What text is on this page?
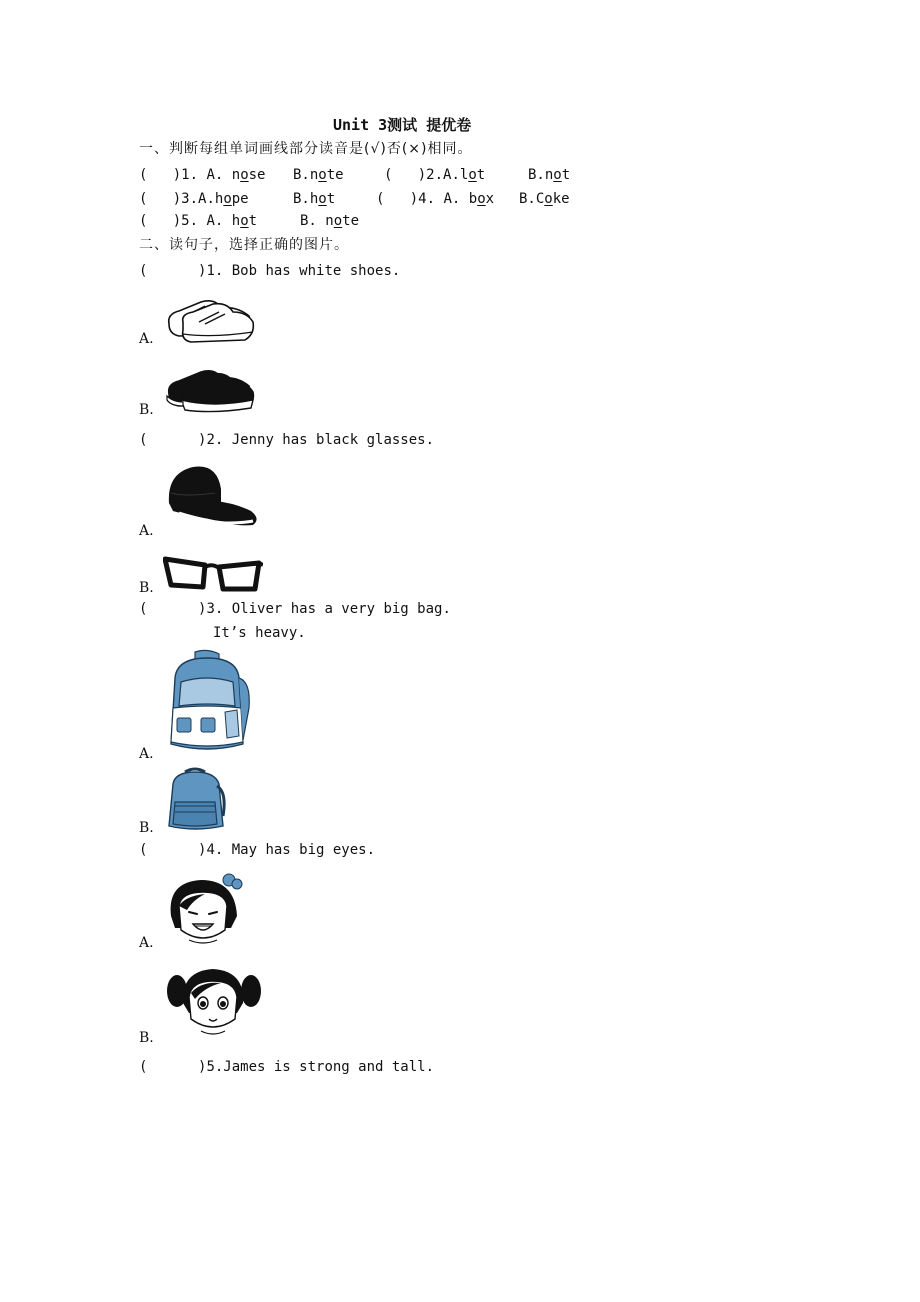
Unit 3测试 提优卷
一、判断每组单词画线部分读音是(√)否(×)相同。
(   )1. A. nose B.note	(   )2.A.lot	B.not
(   )3.A.hope	B.hot	(   )4. A. box B.Coke
(   )5. A. hot	B. note
二、读句子，选择正确的图片。
(      )1. Bob has white shoes.
A.
B.
(      )2. Jenny has black glasses.
A.
B.
(      )3. Oliver has a very big bag.
It’s heavy.
A.
B.
(      )4. May has big eyes.
A.
B.
(      )5.James is strong and tall.
